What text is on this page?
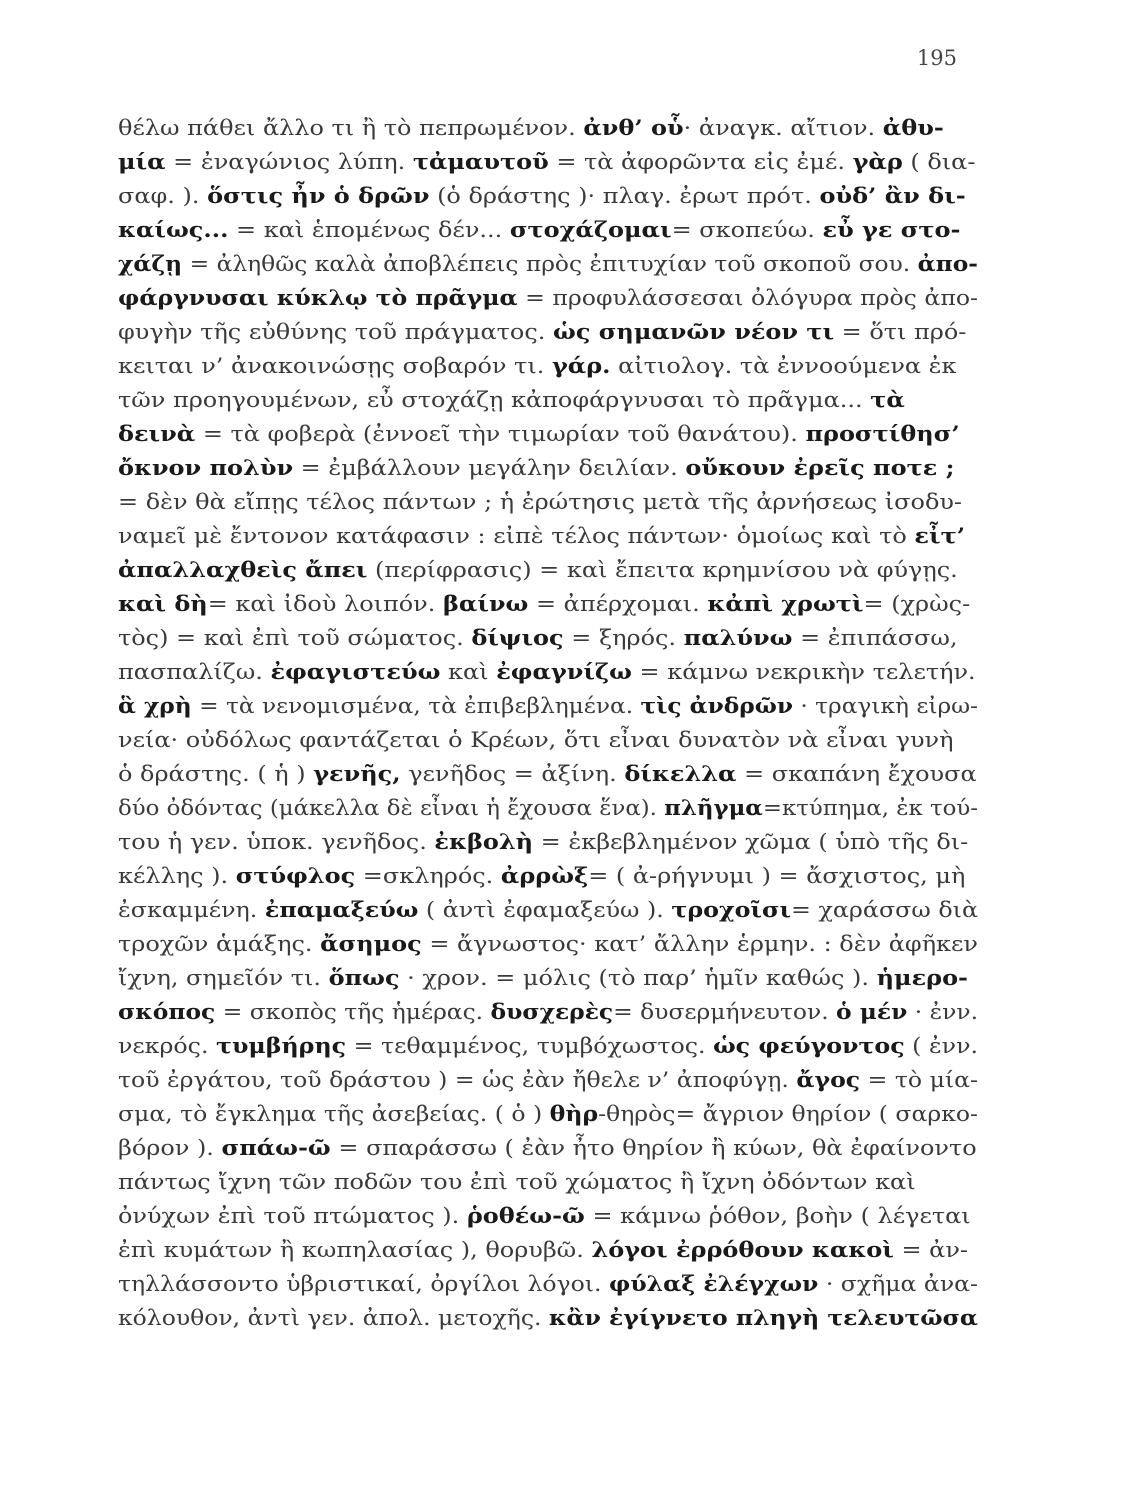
195
θέλω πάθει ἄλλο τι ἢ τὸ πεπρωμένον. ἀνθ’ οὗ· ἀναγκ. αἴτιον. ἀθυ-
μία = ἐναγώνιος λύπη. τἀμαυτοῦ = τὰ ἀφορῶντα εἰς ἐμέ. γὰρ ( δια-
σαφ. ). ὅστις ἦν ὁ δρῶν (ὁ δράστης )· πλαγ. ἐρωτ πρότ. οὐδ’ ἂν δι-
καίως... = καὶ ἑπομένως δέν... στοχάζομαι= σκοπεύω. εὖ γε στο-
χάζῃ = ἀληθῶς καλὰ ἀποβλέπεις πρὸς ἐπιτυχίαν τοῦ σκοποῦ σου. ἀπο-
φάργνυσαι κύκλῳ τὸ πρᾶγμα = προφυλάσσεσαι ὀλόγυρα πρὸς ἀπο-
φυγὴν τῆς εὐθύνης τοῦ πράγματος. ὡς σημανῶν νέον τι = ὅτι πρό-
κειται ν’ ἀνακοινώσῃς σοβαρόν τι. γάρ. αἰτιολογ. τὰ ἐννοούμενα ἐκ
τῶν προηγουμένων, εὖ στοχάζῃ κἀποφάργνυσαι τὸ πρᾶγμα... τὰ
δεινὰ = τὰ φοβερὰ (ἐννοεῖ τὴν τιμωρίαν τοῦ θανάτου). προστίθησ’
ὄκνον πολὺν = ἐμβάλλουν μεγάλην δειλίαν. οὔκουν ἐρεῖς ποτε ;
= δὲν θὰ εἴπῃς τέλος πάντων ; ἡ ἐρώτησις μετὰ τῆς ἀρνήσεως ἰσοδυ-
ναμεῖ μὲ ἔντονον κατάφασιν : εἰπὲ τέλος πάντων· ὁμοίως καὶ τὸ εἶτ’
ἀπαλλαχθεὶς ἄπει (περίφρασις) = καὶ ἔπειτα κρημνίσου νὰ φύγῃς.
καὶ δὴ= καὶ ἰδοὺ λοιπόν. βαίνω = ἀπέρχομαι. κἀπὶ χρωτὶ= (χρὼς-
τὸς) = καὶ ἐπὶ τοῦ σώματος. δίψιος = ξηρός. παλύνω = ἐπιπάσσω,
πασπαλίζω. ἐφαγιστεύω καὶ ἐφαγνίζω = κάμνω νεκρικὴν τελετήν.
ἃ χρὴ = τὰ νενομισμένα, τὰ ἐπιβεβλημένα. τὶς ἀνδρῶν · τραγικὴ εἰρω-
νεία· οὐδόλως φαντάζεται ὁ Κρέων, ὅτι εἶναι δυνατὸν νὰ εἶναι γυνὴ
ὁ δράστης. ( ἡ ) γενῆς, γενῆδος = ἀξίνη. δίκελλα = σκαπάνη ἔχουσα
δύο ὀδόντας (μάκελλα δὲ εἶναι ἡ ἔχουσα ἕνα). πλῆγμα=κτύπημα, ἐκ τού-
του ἡ γεν. ὑποκ. γενῆδος. ἐκβολὴ = ἐκβεβλημένον χῶμα ( ὑπὸ τῆς δι-
κέλλης ). στύφλος =σκληρός. ἀρρὼξ= ( ἀ-ρήγνυμι ) = ἄσχιστος, μὴ
ἐσκαμμένη. ἐπαμαξεύω ( ἀντὶ ἐφαμαξεύω ). τροχοῖσι= χαράσσω διὰ
τροχῶν ἁμάξης. ἄσημος = ἄγνωστος· κατ’ ἄλλην ἑρμην. : δὲν ἀφῆκεν
ἴχνη, σημεῖόν τι. ὅπως · χρον. = μόλις (τὸ παρ’ ἡμῖν καθώς ). ἡμερο-
σκόπος = σκοπὸς τῆς ἡμέρας. δυσχερὲς= δυσερμήνευτον. ὁ μέν · ἐνν.
νεκρός. τυμβήρης = τεθαμμένος, τυμβόχωστος. ὡς φεύγοντος ( ἐνν.
τοῦ ἐργάτου, τοῦ δράστου ) = ὡς ἐὰν ἤθελε ν’ ἀποφύγῃ. ἄγος = τὸ μία-
σμα, τὸ ἔγκλημα τῆς ἀσεβείας. ( ὁ ) θὴρ-θηρὸς= ἄγριον θηρίον ( σαρκο-
βόρον ). σπάω-ῶ = σπαράσσω ( ἐὰν ἦτο θηρίον ἢ κύων, θὰ ἐφαίνοντο
πάντως ἴχνη τῶν ποδῶν του ἐπὶ τοῦ χώματος ἢ ἴχνη ὀδόντων καὶ
ὀνύχων ἐπὶ τοῦ πτώματος ). ῥοθέω-ῶ = κάμνω ῥόθον, βοὴν ( λέγεται
ἐπὶ κυμάτων ἢ κωπηλασίας ), θορυβῶ. λόγοι ἐρρόθουν κακοὶ = ἀν-
τηλλάσσοντο ὑβριστικαί, ὀργίλοι λόγοι. φύλαξ ἐλέγχων · σχῆμα ἀνα-
κόλουθον, ἀντὶ γεν. ἀπολ. μετοχῆς. κἂν ἐγίγνετο πληγὴ τελευτῶσα
